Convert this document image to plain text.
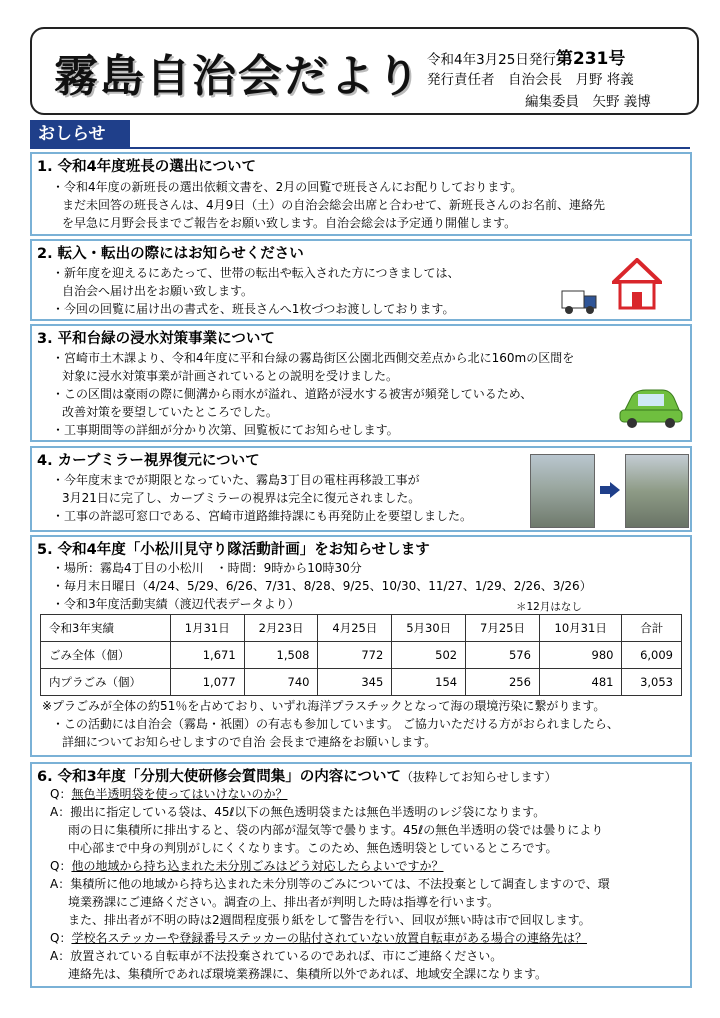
霧島自治会だより 令和4年3月25日発行第231号
発行責任者　自治会長　月野 将義
編集委員　矢野 義博
おしらせ
1. 令和4年度班長の選出について
・令和4年度の新班長の選出依頼文書を、2月の回覧で班長さんにお配りしております。
まだ未回答の班長さんは、4月9日（土）の自治会総会出席と合わせて、新班長さんのお名前、連絡先
を早急に月野会長までご報告をお願い致します。自治会総会は予定通り開催します。
2. 転入・転出の際にはお知らせください
・新年度を迎えるにあたって、世帯の転出や転入された方につきましては、
自治会へ届け出をお願い致します。
・今回の回覧に届け出の書式を、班長さんへ1枚づつお渡ししております。
3. 平和台緑の浸水対策事業について
・宮崎市土木課より、令和4年度に平和台緑の霧島街区公園北西側交差点から北に160mの区間を
対象に浸水対策事業が計画されているとの説明を受けました。
・この区間は豪雨の際に側溝から雨水が溢れ、道路が浸水する被害が頻発しているため、
改善対策を要望していたところでした。
・工事期間等の詳細が分かり次第、回覧板にてお知らせします。
4. カーブミラー視界復元について
・今年度末までが期限となっていた、霧島3丁目の電柱再移設工事が
3月21日に完了し、カーブミラーの視界は完全に復元されました。
・工事の許認可窓口である、宮崎市道路維持課にも再発防止を要望しました。
5. 令和4年度「小松川見守り隊活動計画」をお知らせします
・場所：霧島4丁目の小松川　・時間：9時から10時30分
・毎月末日曜日（4/24、5/29、6/26、7/31、8/28、9/25、10/30、11/27、1/29、2/26、3/26）
・令和3年度活動実績（渡辺代表データより）	＊12月はなし
令和3年実績	1月31日	2月23日	4月25日	5月30日	7月25日	10月31日	合計
ごみ全体（個）	1,671	1,508	772	502	576	980	6,009
内プラごみ（個）	1,077	740	345	154	256	481	3,053
※プラごみが全体の約51％を占めており、いずれ海洋プラスチックとなって海の環境汚染に繋がります。
・この活動には自治会（霧島・祇園）の有志も参加しています。 ご協力いただける方がおられましたら、
詳細についてお知らせしますので自治 会長まで連絡をお願いします。
6. 令和3年度「分別大使研修会質問集」の内容について（抜粋してお知らせします）
Q：無色半透明袋を使ってはいけないのか？
A：搬出に指定している袋は、45ℓ以下の無色透明袋または無色半透明のレジ袋になります。
雨の日に集積所に排出すると、袋の内部が湿気等で曇ります。45ℓの無色半透明の袋では曇りにより
中心部まで中身の判別がしにくくなります。このため、無色透明袋としているところです。
Q：他の地域から持ち込まれた未分別ごみはどう対応したらよいですか？
A：集積所に他の地域から持ち込まれた未分別等のごみについては、不法投棄として調査しますので、環
境業務課にご連絡ください。調査の上、排出者が判明した時は指導を行います。
また、排出者が不明の時は2週間程度張り紙をして警告を行い、回収が無い時は市で回収します。
Q：学校名ステッカーや登録番号ステッカーの貼付されていない放置自転車がある場合の連絡先は？
A：放置されている自転車が不法投棄されているのであれば、市にご連絡ください。
連絡先は、集積所であれば環境業務課に、集積所以外であれば、地域安全課になります。
